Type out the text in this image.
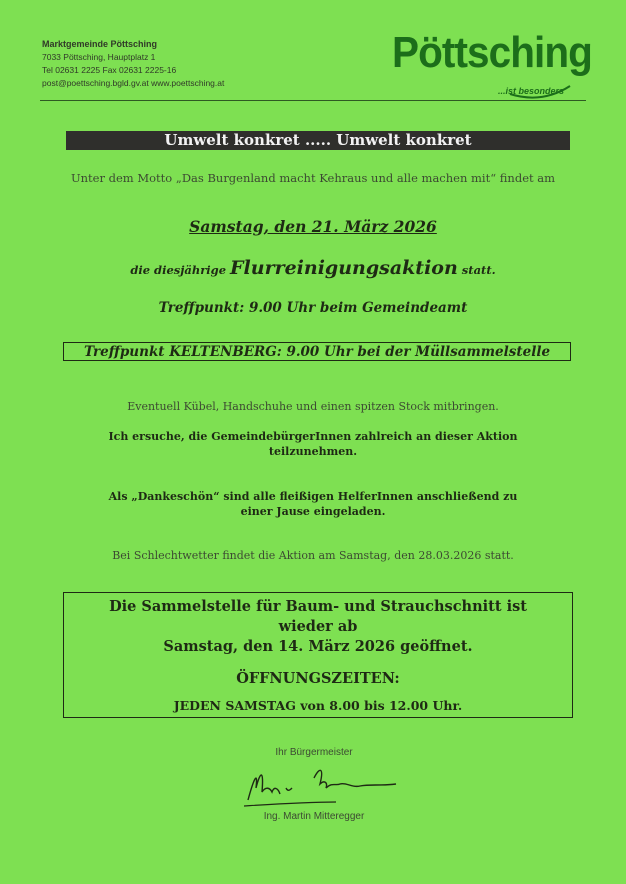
Marktgemeinde Pöttsching
7033 Pöttsching, Hauptplatz 1
Tel 02631 2225 Fax 02631 2225-16
post@poettsching.bgld.gv.at www.poettsching.at
Pöttsching
...ist besonders
Umwelt konkret ..... Umwelt konkret
Unter dem Motto „Das Burgenland macht Kehraus und alle machen mit“ findet am
Samstag, den 21. März 2026
die diesjährige Flurreinigungsaktion statt.
Treffpunkt: 9.00 Uhr beim Gemeindeamt
Treffpunkt KELTENBERG: 9.00 Uhr bei der Müllsammelstelle
Eventuell Kübel, Handschuhe und einen spitzen Stock mitbringen.
Ich ersuche, die GemeindebürgerInnen zahlreich an dieser Aktion teilzunehmen.
Als „Dankeschön“ sind alle fleißigen HelferInnen anschließend zu einer Jause eingeladen.
Bei Schlechtwetter findet die Aktion am Samstag, den 28.03.2026 statt.
Die Sammelstelle für Baum- und Strauchschnitt ist wieder ab
Samstag, den 14. März 2026 geöffnet.
ÖFFNUNGSZEITEN:
JEDEN SAMSTAG von 8.00 bis 12.00 Uhr.
Ihr Bürgermeister
Ing. Martin Mitteregger
